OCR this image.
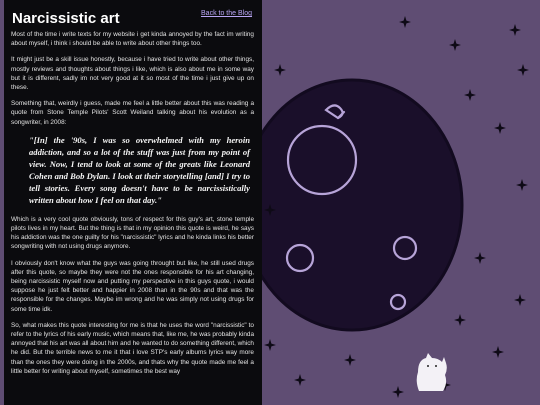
Narcissistic art	Back to the Blog

Most of the time i write texts for my website i get kinda annoyed by the fact im writing about myself, i think i should be able to write about other things too.

It might just be a skill issue honestly, because i have tried to write about other things, mostly reviews and thoughts about things i like, which is also about me in some way but it is different, sadly im not very good at it so most of the time i just give up on these.

Something that, weirdly i guess, made me feel a little better about this was reading a quote from Stone Temple Pilots' Scott Weiland talking about his evolution as a songwriter, in 2008:

"[In] the '90s, I was so overwhelmed with my heroin addiction, and so a lot of the stuff was just from my point of view. Now, I tend to look at some of the greats like Leonard Cohen and Bob Dylan. I look at their storytelling [and] I try to tell stories. Every song doesn't have to be narcissistically written about how I feel on that day."

Which is a very cool quote obviously, tons of respect for this guy's art, stone temple pilots lives in my heart. But the thing is that in my opinion this quote is weird, he says his addiction was the one guilty for his "narcissistic" lyrics and he kinda links his better songwriting with not using drugs anymore.

I obviously don't know what the guys was going throught but like, he still used drugs after this quote, so maybe they were not the ones responsible for his art changing, being narcissistic myself now and putting my perspective in this guys quote, i would suppose he just felt better and happier in 2008 than in the 90s and that was the responsible for the changes. Maybe im wrong and he was simply not using drugs for some time idk.

So, what makes this quote interesting for me is that he uses the word "narcissistic" to refer to the lyrics of his early music, which means that, like me, he was probably kinda annoyed that his art was all about him and he wanted to do something different, which he did. But the terrible news to me it that i love STP's early albums lyrics way more than the ones they were doing in the 2000s, and thats why the quote made me feel a little better for writing about myself, sometimes the best way
